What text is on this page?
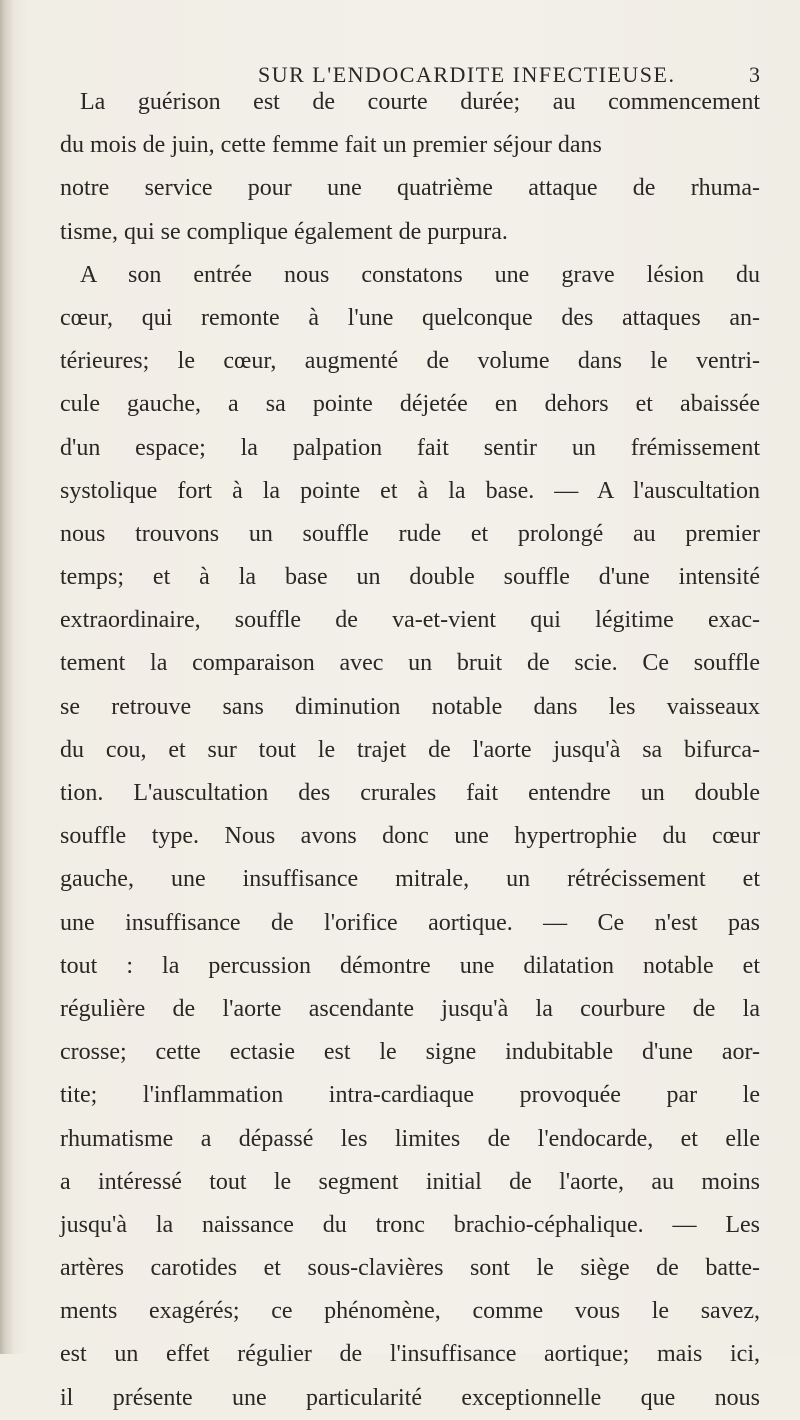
SUR L'ENDOCARDITE INFECTIEUSE.	3
La guérison est de courte durée; au commencement
du mois de juin, cette femme fait un premier séjour dans
notre service pour une quatrième attaque de rhuma-
tisme, qui se complique également de purpura.
A son entrée nous constatons une grave lésion du
cœur, qui remonte à l'une quelconque des attaques an-
térieures; le cœur, augmenté de volume dans le ventri-
cule gauche, a sa pointe déjetée en dehors et abaissée
d'un espace; la palpation fait sentir un frémissement
systolique fort à la pointe et à la base. — A l'auscultation
nous trouvons un souffle rude et prolongé au premier
temps; et à la base un double souffle d'une intensité
extraordinaire, souffle de va-et-vient qui légitime exac-
tement la comparaison avec un bruit de scie. Ce souffle
se retrouve sans diminution notable dans les vaisseaux
du cou, et sur tout le trajet de l'aorte jusqu'à sa bifurca-
tion. L'auscultation des crurales fait entendre un double
souffle type. Nous avons donc une hypertrophie du cœur
gauche, une insuffisance mitrale, un rétrécissement et
une insuffisance de l'orifice aortique. — Ce n'est pas
tout : la percussion démontre une dilatation notable et
régulière de l'aorte ascendante jusqu'à la courbure de la
crosse; cette ectasie est le signe indubitable d'une aor-
tite; l'inflammation intra-cardiaque provoquée par le
rhumatisme a dépassé les limites de l'endocarde, et elle
a intéressé tout le segment initial de l'aorte, au moins
jusqu'à la naissance du tronc brachio-céphalique. — Les
artères carotides et sous-clavières sont le siège de batte-
ments exagérés; ce phénomène, comme vous le savez,
est un effet régulier de l'insuffisance aortique; mais ici,
il présente une particularité exceptionnelle que nous
